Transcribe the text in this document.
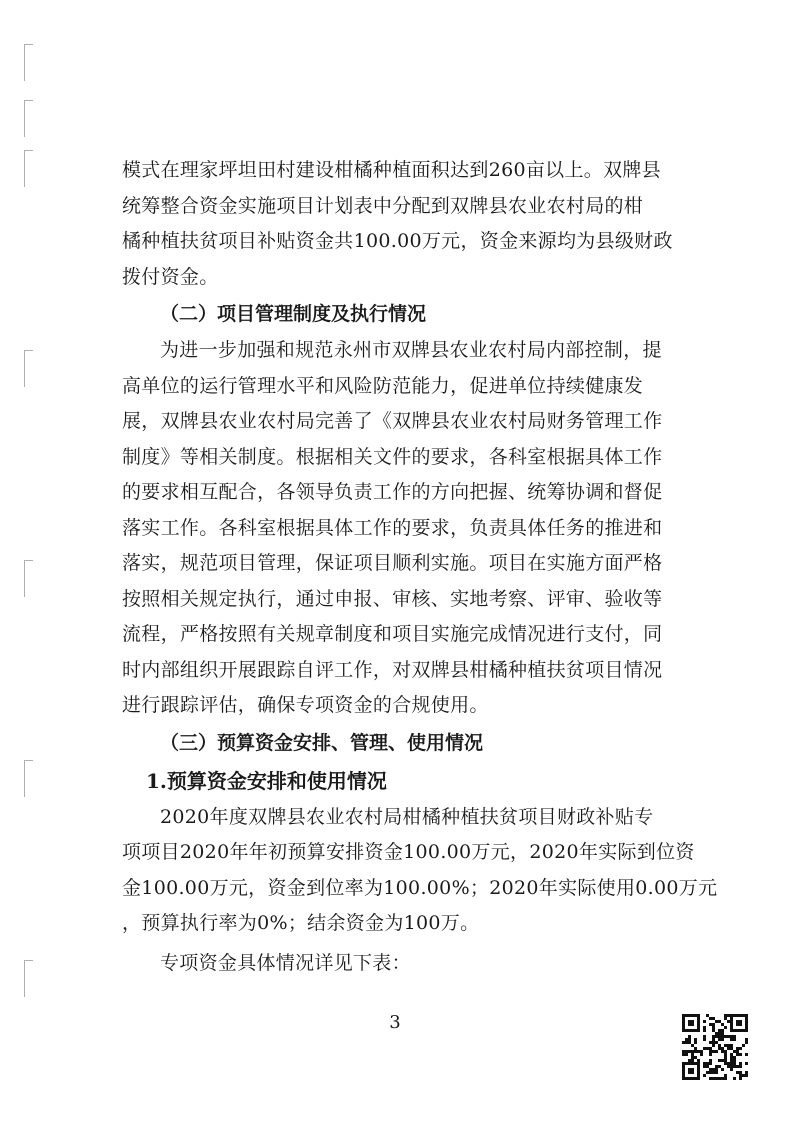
模式在理家坪坦田村建设柑橘种植面积达到260亩以上。双牌县
统筹整合资金实施项目计划表中分配到双牌县农业农村局的柑
橘种植扶贫项目补贴资金共100.00万元，资金来源均为县级财政
拨付资金。
（二）项目管理制度及执行情况
为进一步加强和规范永州市双牌县农业农村局内部控制，提
高单位的运行管理水平和风险防范能力，促进单位持续健康发
展，双牌县农业农村局完善了《双牌县农业农村局财务管理工作
制度》等相关制度。根据相关文件的要求，各科室根据具体工作
的要求相互配合，各领导负责工作的方向把握、统筹协调和督促
落实工作。各科室根据具体工作的要求，负责具体任务的推进和
落实，规范项目管理，保证项目顺利实施。项目在实施方面严格
按照相关规定执行，通过申报、审核、实地考察、评审、验收等
流程，严格按照有关规章制度和项目实施完成情况进行支付，同
时内部组织开展跟踪自评工作，对双牌县柑橘种植扶贫项目情况
进行跟踪评估，确保专项资金的合规使用。
（三）预算资金安排、管理、使用情况
1.预算资金安排和使用情况
2020年度双牌县农业农村局柑橘种植扶贫项目财政补贴专
项项目2020年年初预算安排资金100.00万元，2020年实际到位资
金100.00万元，资金到位率为100.00%；2020年实际使用0.00万元
，预算执行率为0%；结余资金为100万。
专项资金具体情况详见下表：
3
